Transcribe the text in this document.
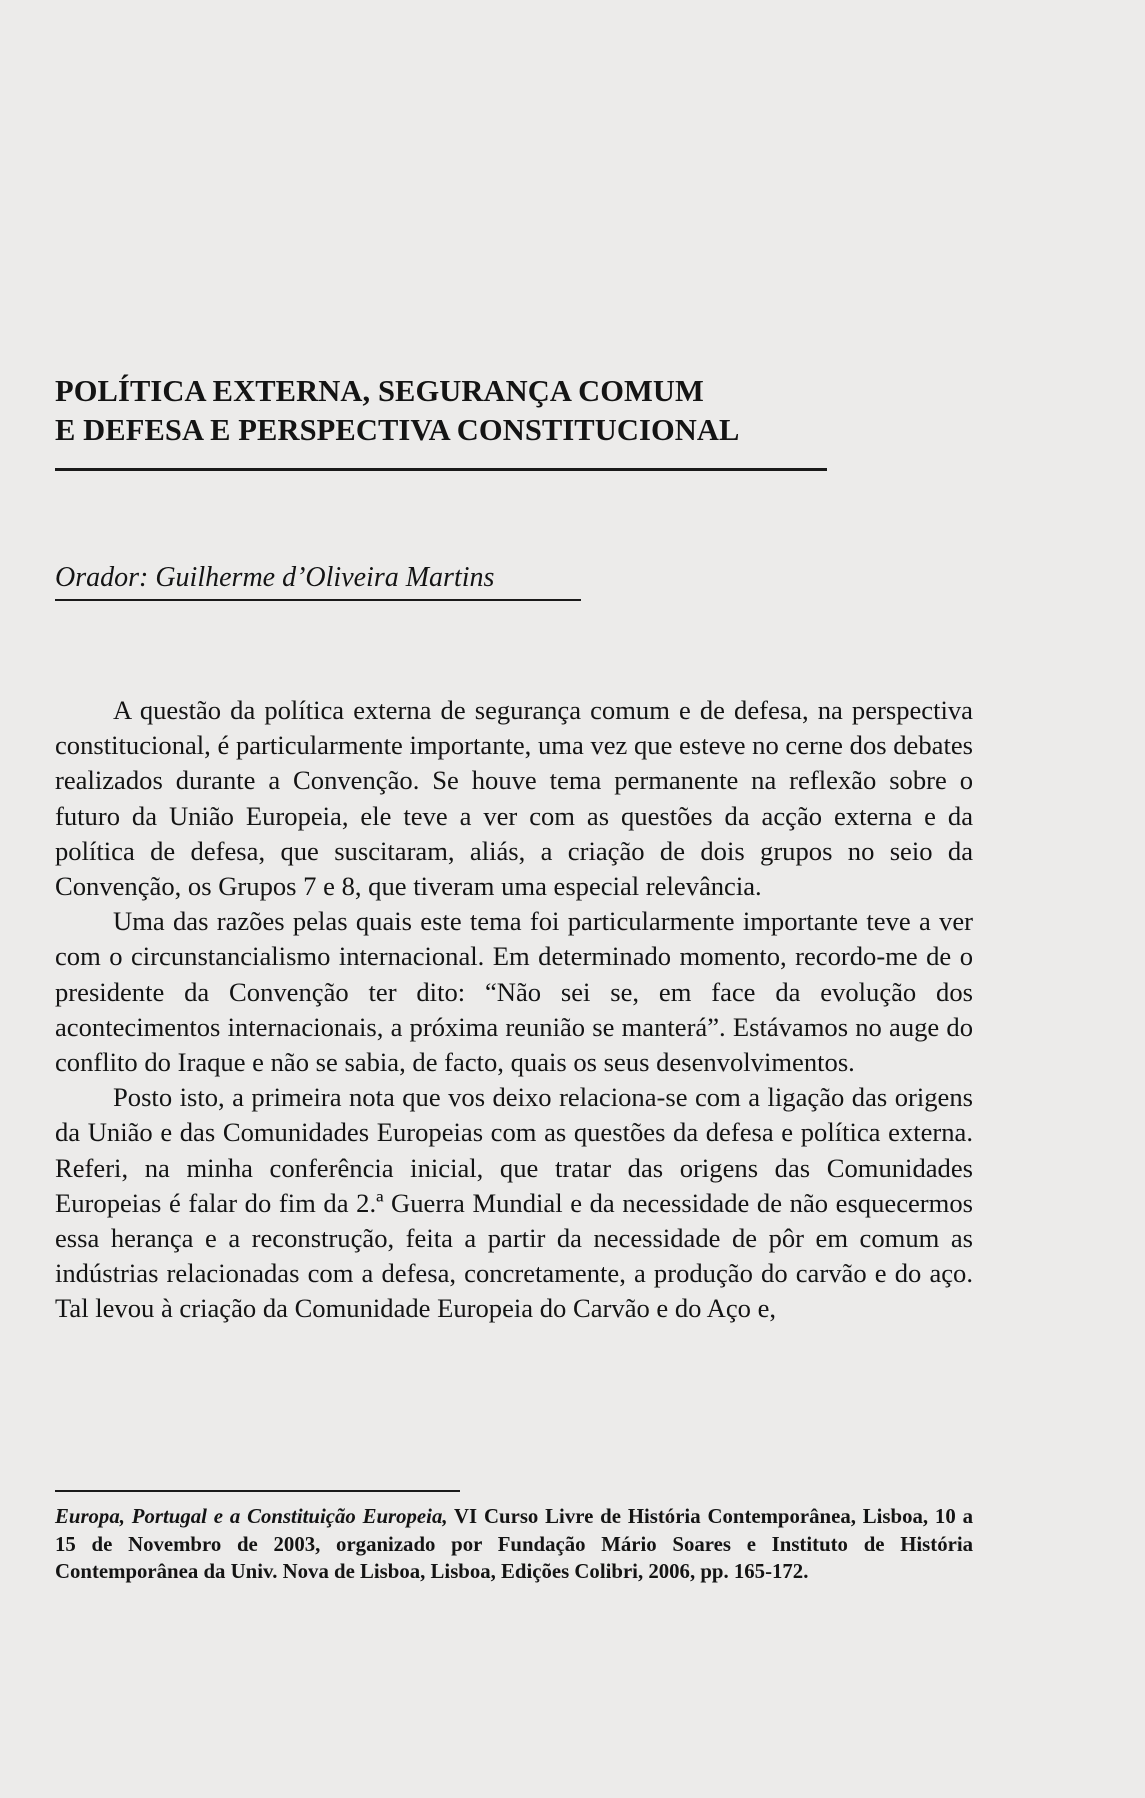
POLÍTICA EXTERNA, SEGURANÇA COMUM
E DEFESA E PERSPECTIVA CONSTITUCIONAL
Orador: Guilherme d’Oliveira Martins

A questão da política externa de segurança comum e de defesa, na perspectiva constitucional, é particularmente importante, uma vez que esteve no cerne dos debates realizados durante a Convenção. Se houve tema permanente na reflexão sobre o futuro da União Europeia, ele teve a ver com as questões da acção externa e da política de defesa, que suscitaram, aliás, a criação de dois grupos no seio da Convenção, os Grupos 7 e 8, que tiveram uma especial relevância.

Uma das razões pelas quais este tema foi particularmente importante teve a ver com o circunstancialismo internacional. Em determinado momento, recordo-me de o presidente da Convenção ter dito: “Não sei se, em face da evolução dos acontecimentos internacionais, a próxima reunião se manterá”. Estávamos no auge do conflito do Iraque e não se sabia, de facto, quais os seus desenvolvimentos.

Posto isto, a primeira nota que vos deixo relaciona-se com a ligação das origens da União e das Comunidades Europeias com as questões da defesa e política externa. Referi, na minha conferência inicial, que tratar das origens das Comunidades Europeias é falar do fim da 2.ª Guerra Mundial e da necessidade de não esquecermos essa herança e a reconstrução, feita a partir da necessidade de pôr em comum as indústrias relacionadas com a defesa, concretamente, a produção do carvão e do aço. Tal levou à criação da Comunidade Europeia do Carvão e do Aço e,

Europa, Portugal e a Constituição Europeia, VI Curso Livre de História Contemporânea, Lisboa, 10 a 15 de Novembro de 2003, organizado por Fundação Mário Soares e Instituto de História Contemporânea da Univ. Nova de Lisboa, Lisboa, Edições Colibri, 2006, pp. 165-172.
